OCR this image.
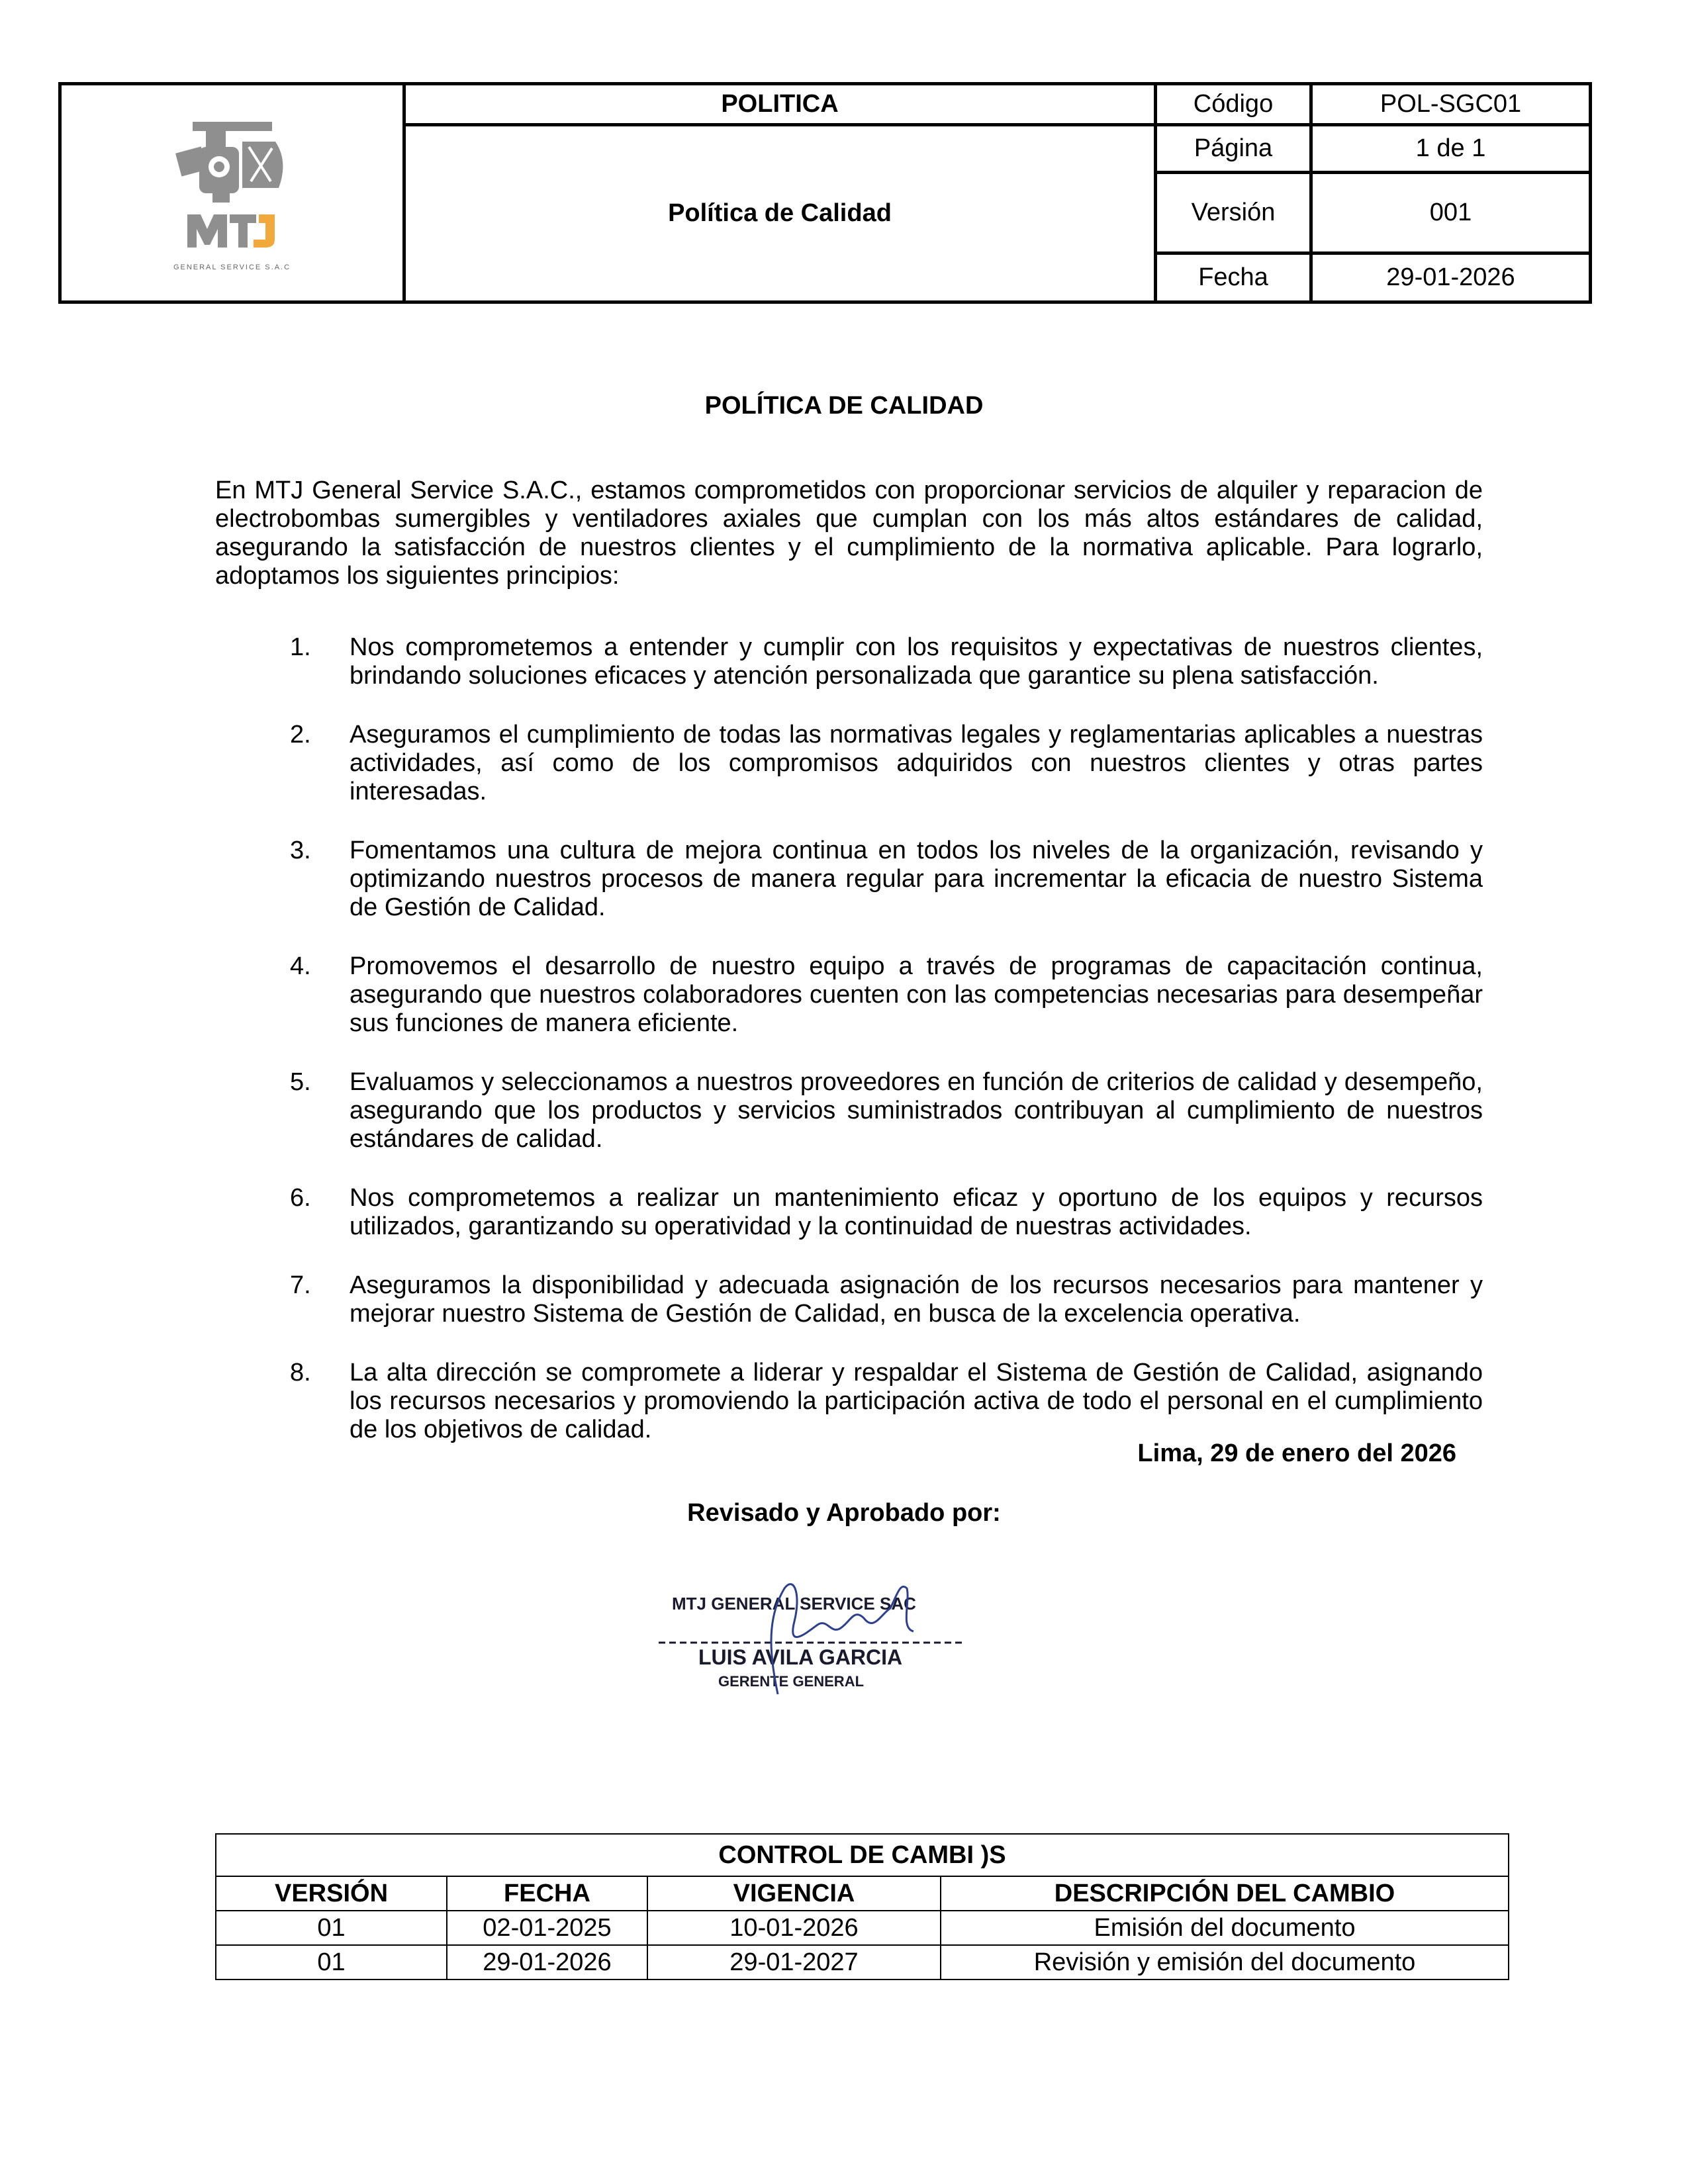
GENERAL SERVICE S.A.C	POLITICA	Código	POL-SGC01
	Política de Calidad	Página	1 de 1
		Versión	001
		Fecha	29-01-2026
POLÍTICA DE CALIDAD

En MTJ General Service S.A.C., estamos comprometidos con proporcionar servicios de alquiler y reparacion de electrobombas sumergibles y ventiladores axiales que cumplan con los más altos estándares de calidad, asegurando la satisfacción de nuestros clientes y el cumplimiento de la normativa aplicable. Para lograrlo, adoptamos los siguientes principios:

1. Nos comprometemos a entender y cumplir con los requisitos y expectativas de nuestros clientes, brindando soluciones eficaces y atención personalizada que garantice su plena satisfacción.
2. Aseguramos el cumplimiento de todas las normativas legales y reglamentarias aplicables a nuestras actividades, así como de los compromisos adquiridos con nuestros clientes y otras partes interesadas.
3. Fomentamos una cultura de mejora continua en todos los niveles de la organización, revisando y optimizando nuestros procesos de manera regular para incrementar la eficacia de nuestro Sistema de Gestión de Calidad.
4. Promovemos el desarrollo de nuestro equipo a través de programas de capacitación continua, asegurando que nuestros colaboradores cuenten con las competencias necesarias para desempeñar sus funciones de manera eficiente.
5. Evaluamos y seleccionamos a nuestros proveedores en función de criterios de calidad y desempeño, asegurando que los productos y servicios suministrados contribuyan al cumplimiento de nuestros estándares de calidad.
6. Nos comprometemos a realizar un mantenimiento eficaz y oportuno de los equipos y recursos utilizados, garantizando su operatividad y la continuidad de nuestras actividades.
7. Aseguramos la disponibilidad y adecuada asignación de los recursos necesarios para mantener y mejorar nuestro Sistema de Gestión de Calidad, en busca de la excelencia operativa.
8. La alta dirección se compromete a liderar y respaldar el Sistema de Gestión de Calidad, asignando los recursos necesarios y promoviendo la participación activa de todo el personal en el cumplimiento de los objetivos de calidad.
Lima, 29 de enero del 2026
Revisado y Aprobado por:
MTJ GENERAL SERVICE SAC
LUIS AVILA GARCIA
GERENTE GENERAL
CONTROL DE CAMBI )S			
VERSIÓN	FECHA	VIGENCIA	DESCRIPCIÓN DEL CAMBIO
01	02-01-2025	10-01-2026	Emisión del documento
01	29-01-2026	29-01-2027	Revisión y emisión del documento
